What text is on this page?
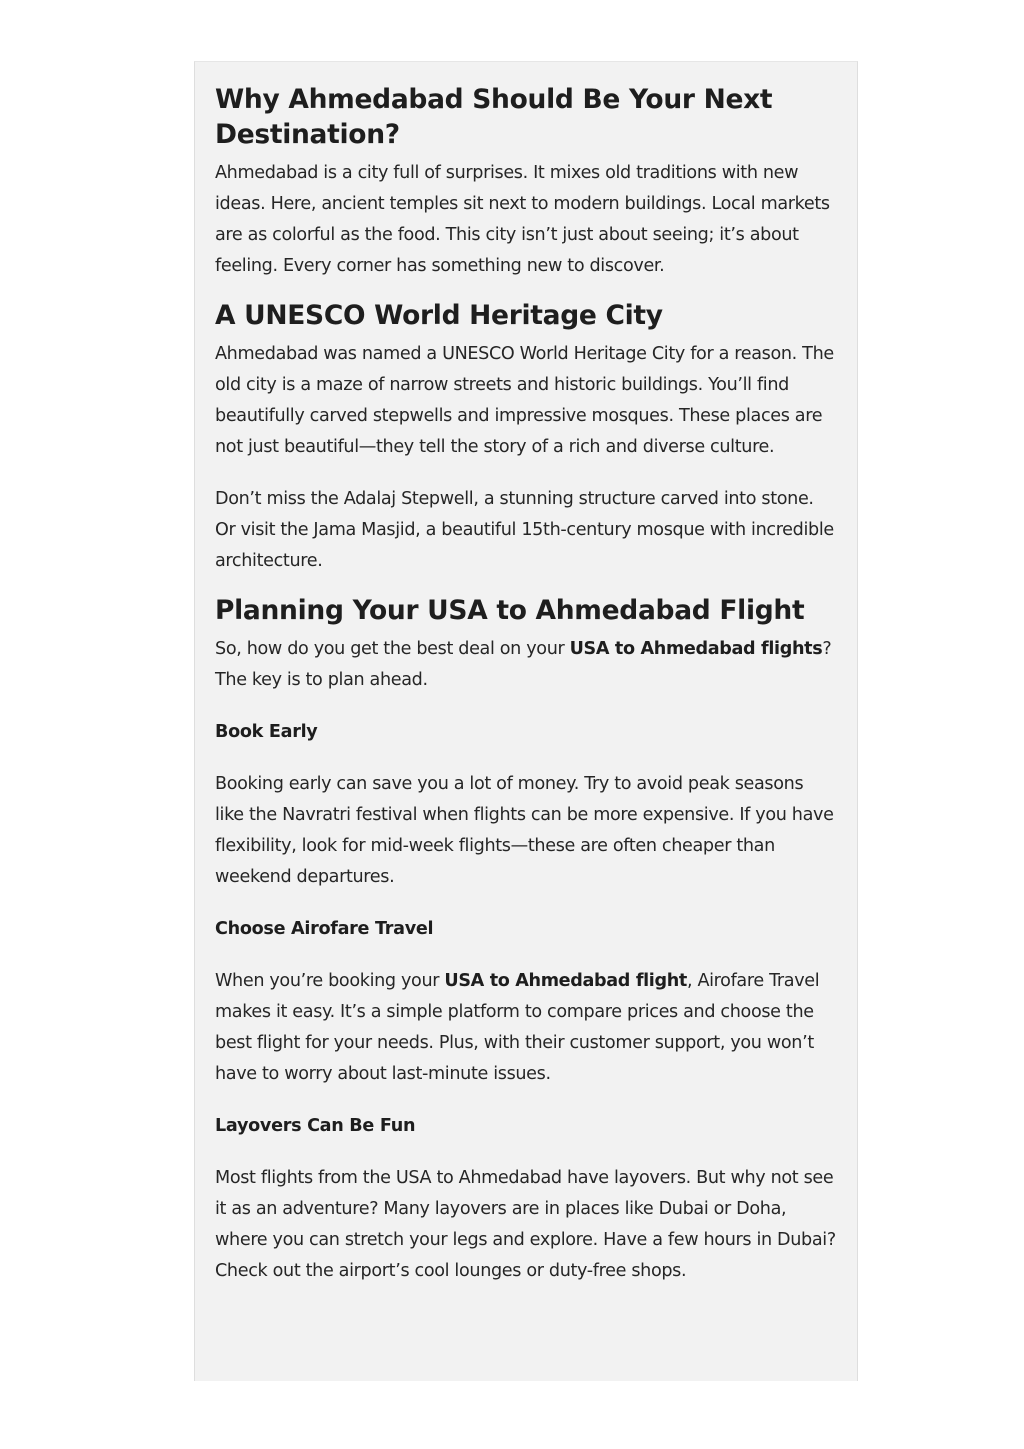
Why Ahmedabad Should Be Your Next Destination?

Ahmedabad is a city full of surprises. It mixes old traditions with new ideas. Here, ancient temples sit next to modern buildings. Local markets are as colorful as the food. This city isn’t just about seeing; it’s about feeling. Every corner has something new to discover.

A UNESCO World Heritage City

Ahmedabad was named a UNESCO World Heritage City for a reason. The old city is a maze of narrow streets and historic buildings. You’ll find beautifully carved stepwells and impressive mosques. These places are not just beautiful—they tell the story of a rich and diverse culture.

Don’t miss the Adalaj Stepwell, a stunning structure carved into stone. Or visit the Jama Masjid, a beautiful 15th-century mosque with incredible architecture.

Planning Your USA to Ahmedabad Flight

So, how do you get the best deal on your USA to Ahmedabad flights? The key is to plan ahead.

Book Early

Booking early can save you a lot of money. Try to avoid peak seasons like the Navratri festival when flights can be more expensive. If you have flexibility, look for mid-week flights—these are often cheaper than weekend departures.

Choose Airofare Travel

When you’re booking your USA to Ahmedabad flight, Airofare Travel makes it easy. It’s a simple platform to compare prices and choose the best flight for your needs. Plus, with their customer support, you won’t have to worry about last-minute issues.

Layovers Can Be Fun

Most flights from the USA to Ahmedabad have layovers. But why not see it as an adventure? Many layovers are in places like Dubai or Doha, where you can stretch your legs and explore. Have a few hours in Dubai? Check out the airport’s cool lounges or duty-free shops.
